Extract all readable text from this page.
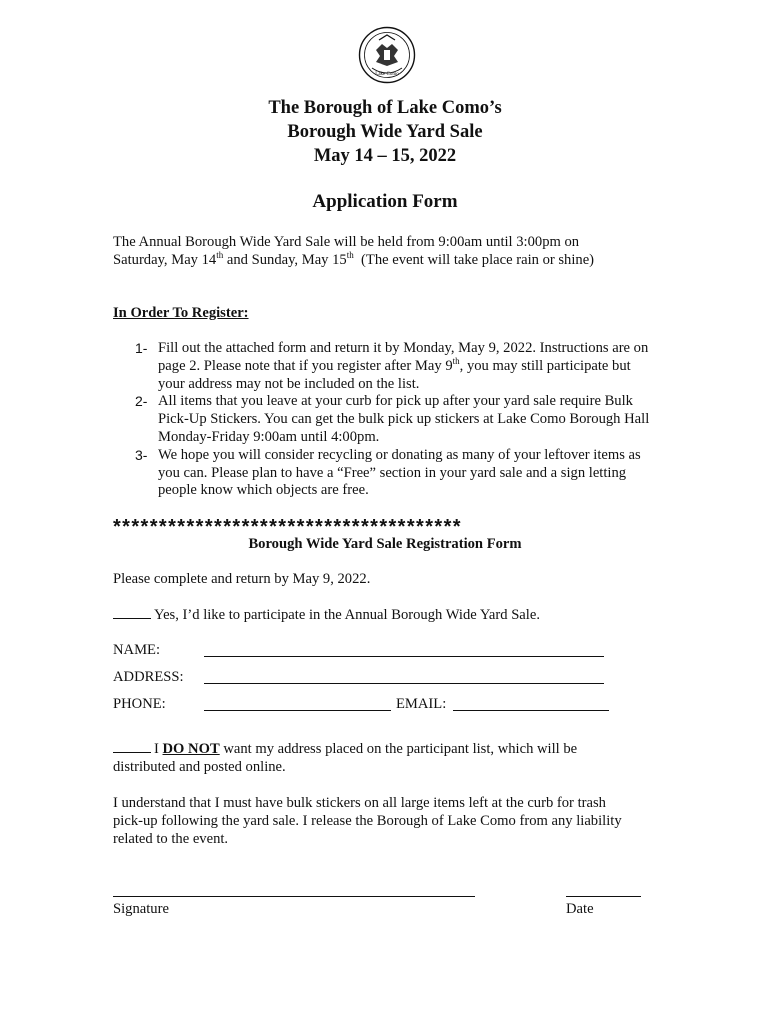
Lake Como
The Borough of Lake Como’s
Borough Wide Yard Sale
May 14 – 15, 2022
Application Form
The Annual Borough Wide Yard Sale will be held from 9:00am until 3:00pm on
Saturday, May 14th and Sunday, May 15th  (The event will take place rain or shine)
In Order To Register:
1- Fill out the attached form and return it by Monday, May 9, 2022. Instructions are on page 2. Please note that if you register after May 9th, you may still participate but your address may not be included on the list.
2- All items that you leave at your curb for pick up after your yard sale require Bulk Pick-Up Stickers. You can get the bulk pick up stickers at Lake Como Borough Hall Monday-Friday 9:00am until 4:00pm.
3- We hope you will consider recycling or donating as many of your leftover items as you can. Please plan to have a “Free” section in your yard sale and a sign letting people know which objects are free.
**************************************
Borough Wide Yard Sale Registration Form
Please complete and return by May 9, 2022.
Yes, I’d like to participate in the Annual Borough Wide Yard Sale.
NAME:
ADDRESS:
PHONE:	EMAIL:
I DO NOT want my address placed on the participant list, which will be
distributed and posted online.
I understand that I must have bulk stickers on all large items left at the curb for trash
pick-up following the yard sale. I release the Borough of Lake Como from any liability
related to the event.
Signature	Date
